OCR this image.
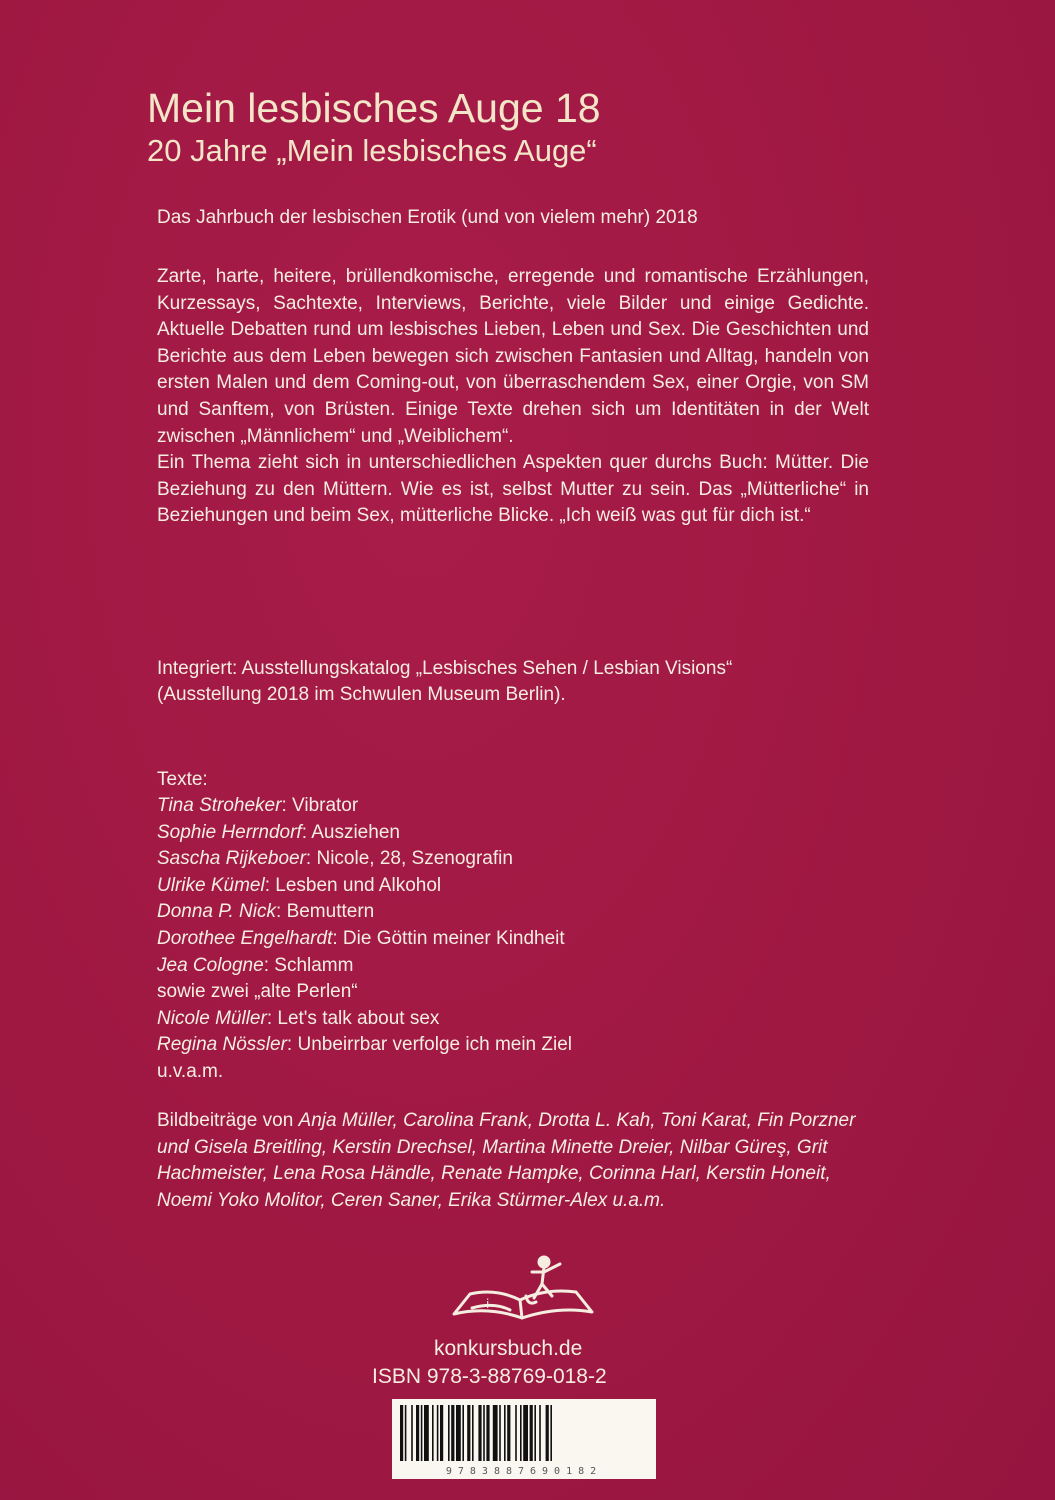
Mein lesbisches Auge 18
20 Jahre „Mein lesbisches Auge“

Das Jahrbuch der lesbischen Erotik (und von vielem mehr) 2018

Zarte, harte, heitere, brüllendkomische, erregende und romantische Erzählungen, Kurzessays, Sachtexte, Interviews, Berichte, viele Bilder und einige Gedichte. Aktuelle Debatten rund um lesbisches Lieben, Leben und Sex. Die Geschichten und Berichte aus dem Leben bewegen sich zwischen Fantasien und Alltag, handeln von ersten Malen und dem Coming-out, von überraschendem Sex, einer Orgie, von SM und Sanftem, von Brüsten. Einige Texte drehen sich um Identitäten in der Welt zwischen „Männlichem“ und „Weiblichem“.

Ein Thema zieht sich in unterschiedlichen Aspekten quer durchs Buch: Mütter. Die Beziehung zu den Müttern. Wie es ist, selbst Mutter zu sein. Das „Mütterliche“ in Beziehungen und beim Sex, mütterliche Blicke. „Ich weiß was gut für dich ist.“

Integriert: Ausstellungskatalog „Lesbisches Sehen / Lesbian Visions“
(Ausstellung 2018 im Schwulen Museum Berlin).

Texte:

Tina Stroheker: Vibrator
Sophie Herrndorf: Ausziehen
Sascha Rijkeboer: Nicole, 28, Szenografin
Ulrike Kümel: Lesben und Alkohol
Donna P. Nick: Bemuttern
Dorothee Engelhardt: Die Göttin meiner Kindheit
Jea Cologne: Schlamm
sowie zwei „alte Perlen“
Nicole Müller: Let's talk about sex
Regina Nössler: Unbeirrbar verfolge ich mein Ziel
u.v.a.m.

Bildbeiträge von Anja Müller, Carolina Frank, Drotta L. Kah, Toni Karat, Fin Porzner und Gisela Breitling, Kerstin Drechsel, Martina Minette Dreier, Nilbar Güreş, Grit Hachmeister, Lena Rosa Händle, Renate Hampke, Corinna Harl, Kerstin Honeit, Noemi Yoko Molitor, Ceren Saner, Erika Stürmer-Alex u.a.m.

i

konkursbuch.de

ISBN 978-3-88769-018-2

9783887690182
